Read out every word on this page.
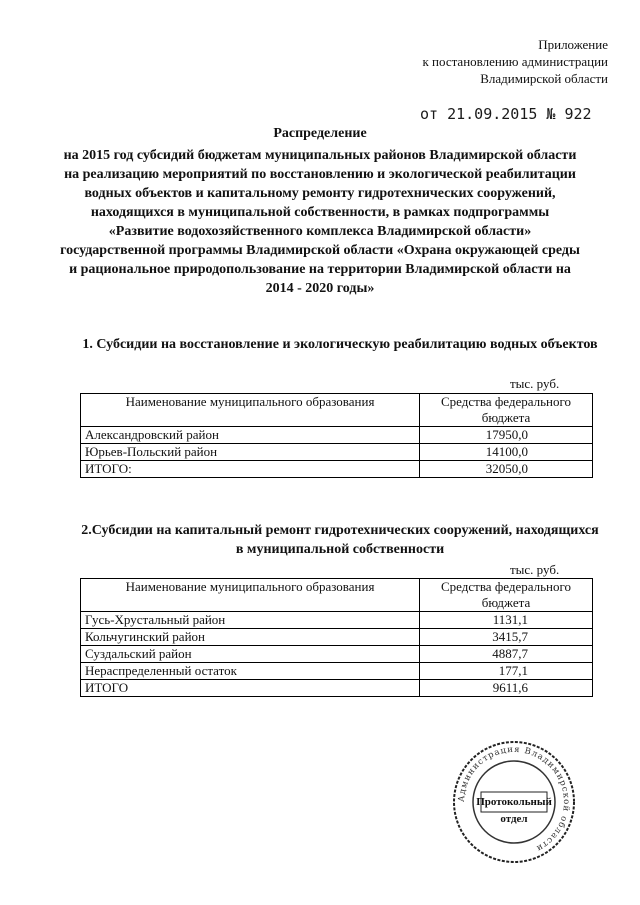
Приложение
к постановлению администрации
Владимирской области
от 21.09.2015 № 922
Распределение
на 2015 год субсидий бюджетам муниципальных районов Владимирской области на реализацию мероприятий по восстановлению и экологической реабилитации водных объектов и капитальному ремонту гидротехнических сооружений, находящихся в муниципальной собственности, в рамках подпрограммы «Развитие водохозяйственного комплекса Владимирской области» государственной программы Владимирской области «Охрана окружающей среды и рациональное природопользование на территории Владимирской области на 2014 - 2020 годы»
1. Субсидии на восстановление и экологическую реабилитацию водных объектов
тыс. руб.
Наименование муниципального образования	Средства федерального бюджета
Александровский район	17950,0
Юрьев-Польский район	14100,0
ИТОГО:	32050,0
2.Субсидии на капитальный ремонт гидротехнических сооружений, находящихся в муниципальной собственности
тыс. руб.
Наименование муниципального образования	Средства федерального бюджета
Гусь-Хрустальный район	1131,1
Кольчугинский район	3415,7
Суздальский район	4887,7
Нераспределенный остаток	177,1
ИТОГО	9611,6
Администрация Владимирской области
Протокольный
отдел
